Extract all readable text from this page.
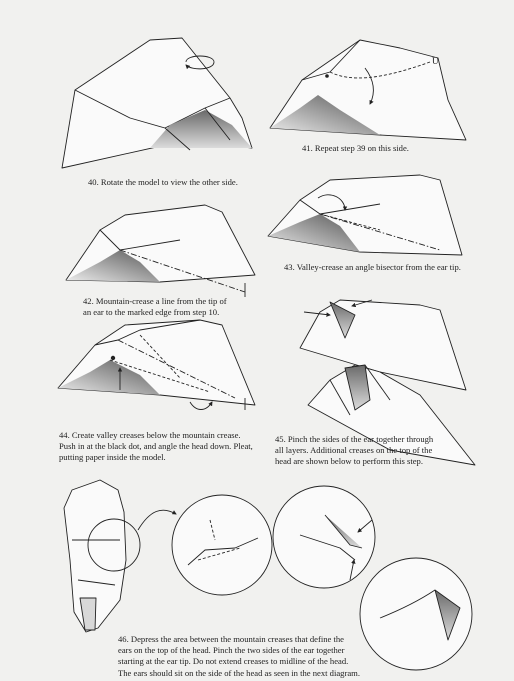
U
40. Rotate the model to view the other side.
41. Repeat step 39 on this side.
42. Mountain-crease a line from the tip of
an ear to the marked edge from step 10.
43. Valley-crease an angle bisector from the ear tip.
44. Create valley creases below the mountain crease.
Push in at the black dot, and angle the head down. Pleat,
putting paper inside the model.
45. Pinch the sides of the ear together through
all layers. Additional creases on the top of the
head are shown below to perform this step.
46. Depress the area between the mountain creases that define the
ears on the top of the head. Pinch the two sides of the ear together
starting at the ear tip. Do not extend creases to midline of the head.
The ears should sit on the side of the head as seen in the next diagram.
